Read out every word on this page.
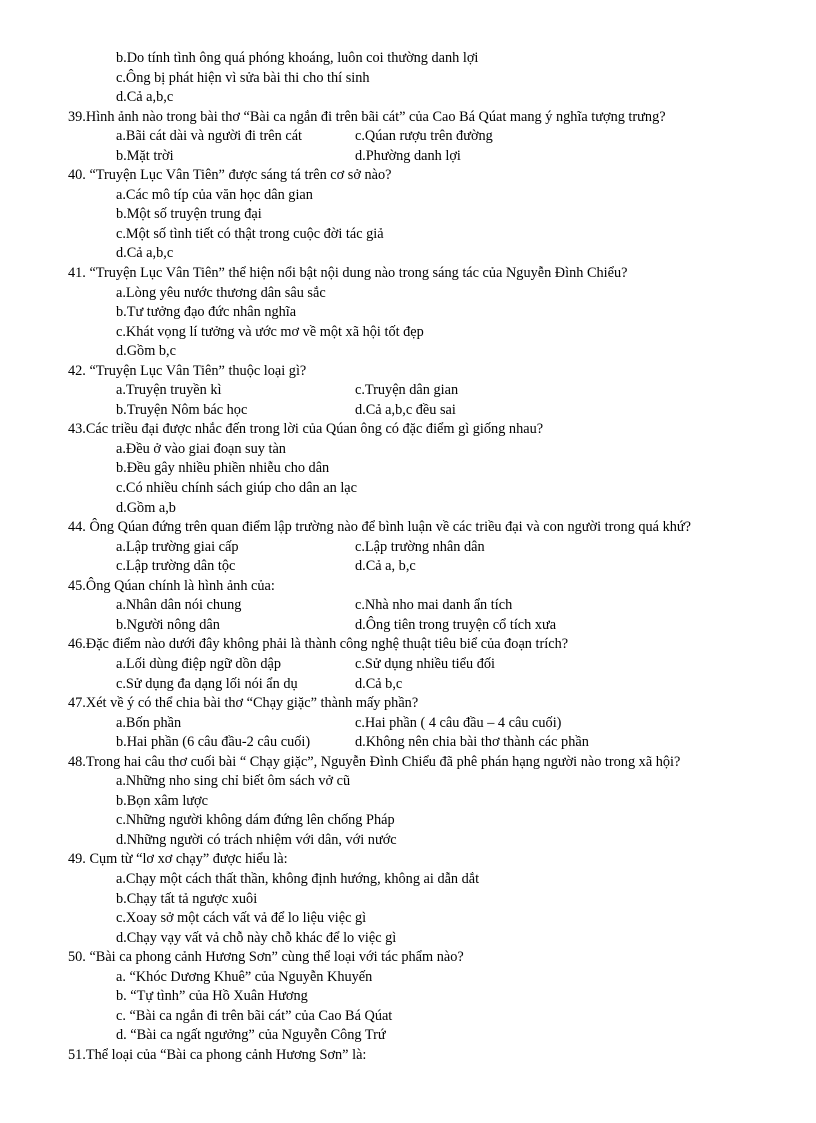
b.Do tính tình ông quá phóng khoáng, luôn coi thường danh lợi
c.Ông bị phát hiện vì sửa bài thi cho thí sinh
d.Cả a,b,c
39.Hình ảnh nào trong bài thơ “Bài ca ngắn đi trên bãi cát” của Cao Bá Qúat mang ý nghĩa tượng trưng?
a.Bãi cát dài và người đi trên cát	c.Qúan rượu trên đường
b.Mặt trời	d.Phường danh lợi
40. “Truyện Lục Vân Tiên” được sáng tá trên cơ sở nào?
a.Các mô típ của văn học dân gian
b.Một số truyện trung đại
c.Một số tình tiết có thật trong cuộc đời tác giả
d.Cả a,b,c
41. “Truyện Lục Vân Tiên” thể hiện nổi bật nội dung nào trong sáng tác của Nguyễn Đình Chiểu?
a.Lòng yêu nước thương dân sâu sắc
b.Tư tưởng đạo đức nhân nghĩa
c.Khát vọng lí tưởng và ước mơ về một xã hội tốt đẹp
d.Gồm b,c
42. “Truyện Lục Vân Tiên” thuộc loại gì?
a.Truyện truyền kì	c.Truyện dân gian
b.Truyện Nôm bác học	d.Cả a,b,c đều sai
43.Các triều đại được nhắc đến trong lời của Qúan ông có đặc điểm gì giống nhau?
a.Đều ở vào giai đoạn suy tàn
b.Đều gây nhiều phiền nhiễu cho dân
c.Có nhiều chính sách giúp cho dân an lạc
d.Gồm a,b
44. Ông Qúan đứng trên quan điểm lập trường nào để bình luận về các triều đại và con người trong quá khứ?
a.Lập trường giai cấp	c.Lập trường nhân dân
c.Lập trường dân tộc	d.Cả a, b,c
45.Ông Qúan chính là hình ảnh của:
a.Nhân dân nói chung	c.Nhà nho mai danh ẩn tích
b.Người nông dân	d.Ông tiên trong truyện cổ tích xưa
46.Đặc điểm nào dưới đây không phải là thành công nghệ thuật tiêu biể của đoạn trích?
a.Lối dùng điệp ngữ dồn dập	c.Sử dụng nhiều tiểu đối
c.Sử dụng đa dạng lối nói ẩn dụ	d.Cả b,c
47.Xét về ý có thể chia bài thơ “Chạy giặc” thành mấy phần?
a.Bốn phần	c.Hai phần ( 4 câu đầu – 4 câu cuối)
b.Hai phần (6 câu đầu-2 câu cuối)	d.Không nên chia bài thơ thành các phần
48.Trong hai câu thơ cuối bài “ Chạy giặc”, Nguyễn Đình Chiểu đã phê phán hạng người nào trong xã hội?
a.Những nho sing chỉ biết ôm sách vở cũ
b.Bọn xâm lược
c.Những người không dám đứng lên chống Pháp
d.Những người có trách nhiệm với dân, với nước
49. Cụm từ “lơ xơ chạy” được hiểu là:
a.Chạy một cách thất thần, không định hướng, không ai dẫn dắt
b.Chạy tất tả ngược xuôi
c.Xoay sở một cách vất vả để lo liệu việc gì
d.Chạy vạy vất vả chỗ này chỗ khác để lo việc gì
50. “Bài ca phong cảnh Hương Sơn” cùng thể loại với tác phẩm nào?
a. “Khóc Dương Khuê” của Nguyễn Khuyến
b. “Tự tình” của Hồ Xuân Hương
c. “Bài ca ngắn đi trên bãi cát” của Cao Bá Qúat
d. “Bài ca ngất ngưởng” của Nguyễn Công Trứ
51.Thể loại của “Bài ca phong cảnh Hương Sơn” là:
